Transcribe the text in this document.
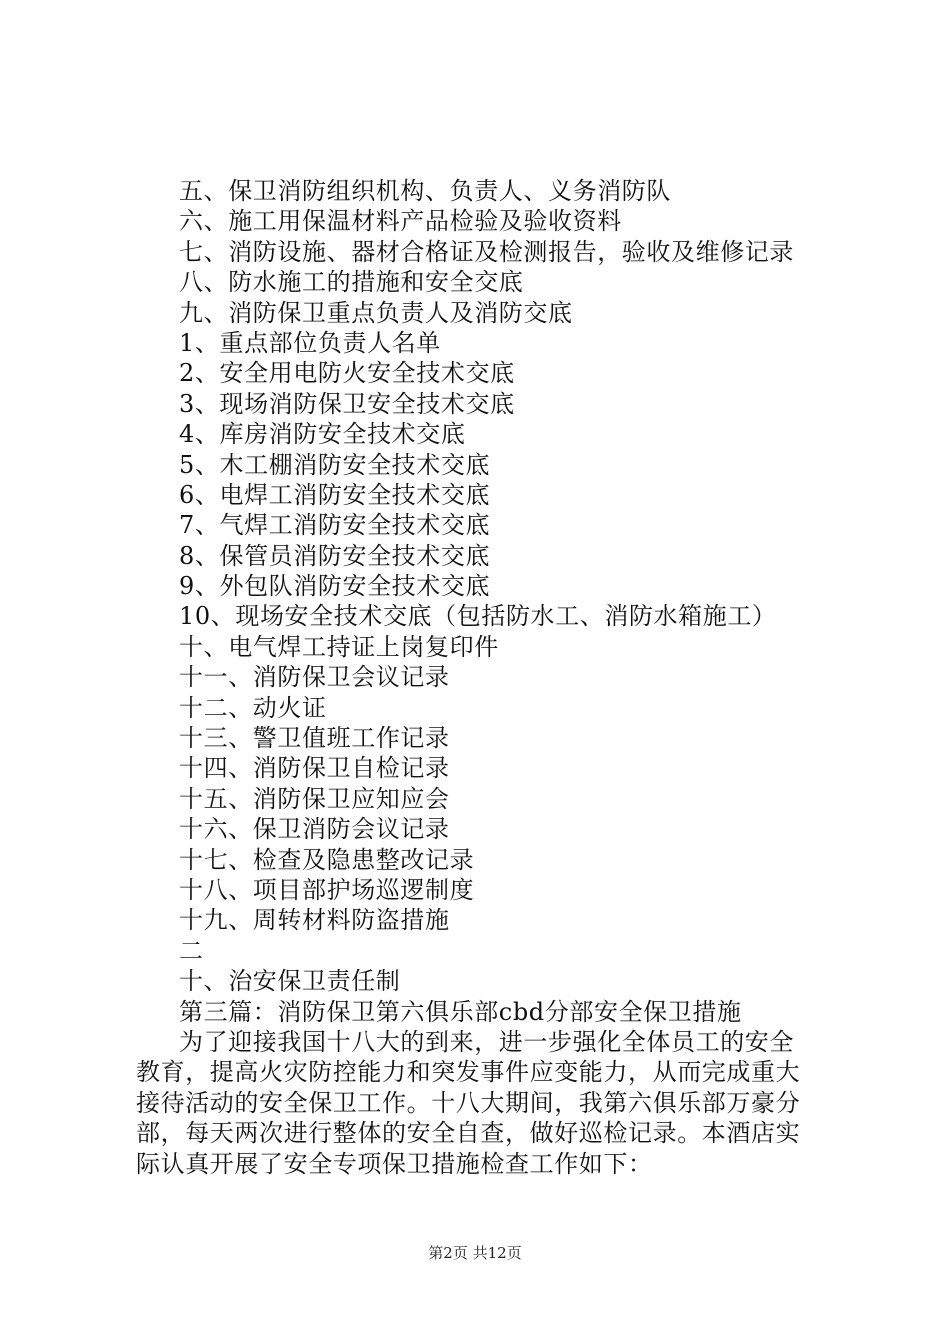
五、保卫消防组织机构、负责人、义务消防队
六、施工用保温材料产品检验及验收资料
七、消防设施、器材合格证及检测报告，验收及维修记录
八、防水施工的措施和安全交底
九、消防保卫重点负责人及消防交底
1、重点部位负责人名单
2、安全用电防火安全技术交底
3、现场消防保卫安全技术交底
4、库房消防安全技术交底
5、木工棚消防安全技术交底
6、电焊工消防安全技术交底
7、气焊工消防安全技术交底
8、保管员消防安全技术交底
9、外包队消防安全技术交底
10、现场安全技术交底（包括防水工、消防水箱施工）
十、电气焊工持证上岗复印件
十一、消防保卫会议记录
十二、动火证
十三、警卫值班工作记录
十四、消防保卫自检记录
十五、消防保卫应知应会
十六、保卫消防会议记录
十七、检查及隐患整改记录
十八、项目部护场巡逻制度
十九、周转材料防盗措施
二
十、治安保卫责任制
第三篇：消防保卫第六俱乐部cbd分部安全保卫措施

为了迎接我国十八大的到来，进一步强化全体员工的安全
教育，提高火灾防控能力和突发事件应变能力，从而完成重大
接待活动的安全保卫工作。十八大期间，我第六俱乐部万豪分
部，每天两次进行整体的安全自查，做好巡检记录。本酒店实
际认真开展了安全专项保卫措施检查工作如下：

第2页 共12页
